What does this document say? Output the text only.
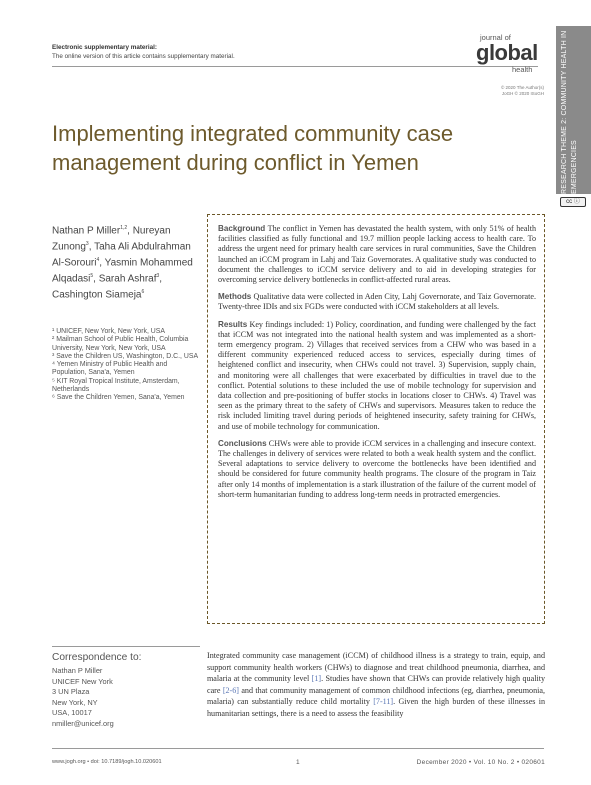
Electronic supplementary material:
The online version of this article contains supplementary material.
journal of
global
health
© 2020 The Author(s)
JoGH © 2020 ISoGH RESEARCH THEME 2: COMMUNITY HEALTH IN EMERGENCIES
cc ⓘ
Implementing integrated community case management during conflict in Yemen
Nathan P Miller$^{1,2}$, Nureyan Zunong$^3$, Taha Ali Abdulrahman Al-Sorouri$^4$, Yasmin Mohammed Alqadasi$^5$, Sarah Ashraf$^3$, Cashington Siameja$^6$
¹ UNICEF, New York, New York, USA
² Mailman School of Public Health, Columbia University, New York, New York, USA
³ Save the Children US, Washington, D.C., USA
⁴ Yemen Ministry of Public Health and Population, Sana'a, Yemen
⁵ KIT Royal Tropical Institute, Amsterdam, Netherlands
⁶ Save the Children Yemen, Sana'a, Yemen

Background The conflict in Yemen has devastated the health system, with only 51% of health facilities classified as fully functional and 19.7 million people lacking access to health care. To address the urgent need for primary health care services in rural communities, Save the Children launched an iCCM program in Lahj and Taiz Governorates. A qualitative study was conducted to document the challenges to iCCM service delivery and to aid in developing strategies for overcoming service delivery bottlenecks in conflict-affected rural areas.

Methods Qualitative data were collected in Aden City, Lahj Governorate, and Taiz Governorate. Twenty-three IDIs and six FGDs were conducted with iCCM stakeholders at all levels.

Results Key findings included: 1) Policy, coordination, and funding were challenged by the fact that iCCM was not integrated into the national health system and was implemented as a short-term emergency program. 2) Villages that received services from a CHW who was based in a different community experienced reduced access to services, especially during times of heightened conflict and insecurity, when CHWs could not travel. 3) Supervision, supply chain, and monitoring were all challenges that were exacerbated by difficulties in travel due to the conflict. Potential solutions to these included the use of mobile technology for supervision and data collection and pre-positioning of buffer stocks in locations closer to CHWs. 4) Travel was seen as the primary threat to the safety of CHWs and supervisors. Measures taken to reduce the risk included limiting travel during periods of heightened insecurity, safety training for CHWs, and use of mobile technology for communication.

Conclusions CHWs were able to provide iCCM services in a challenging and insecure context. The challenges in delivery of services were related to both a weak health system and the conflict. Several adaptations to service delivery to overcome the bottlenecks have been identified and should be considered for future community health programs. The closure of the program in Taiz after only 14 months of implementation is a stark illustration of the failure of the current model of short-term humanitarian funding to address long-term needs in protracted emergencies.

Correspondence to:
Nathan P Miller
UNICEF New York
3 UN Plaza
New York, NY
USA, 10017
nmiller@unicef.org
Integrated community case management (iCCM) of childhood illness is a strategy to train, equip, and support community health workers (CHWs) to diagnose and treat childhood pneumonia, diarrhea, and malaria at the community level [1]. Studies have shown that CHWs can provide relatively high quality care [2-6] and that community management of common childhood infections (eg, diarrhea, pneumonia, malaria) can substantially reduce child mortality [7-11]. Given the high burden of these illnesses in humanitarian settings, there is a need to assess the feasibility
www.jogh.org • doi: 10.7189/jogh.10.020601	1	December 2020 • Vol. 10 No. 2 • 020601
